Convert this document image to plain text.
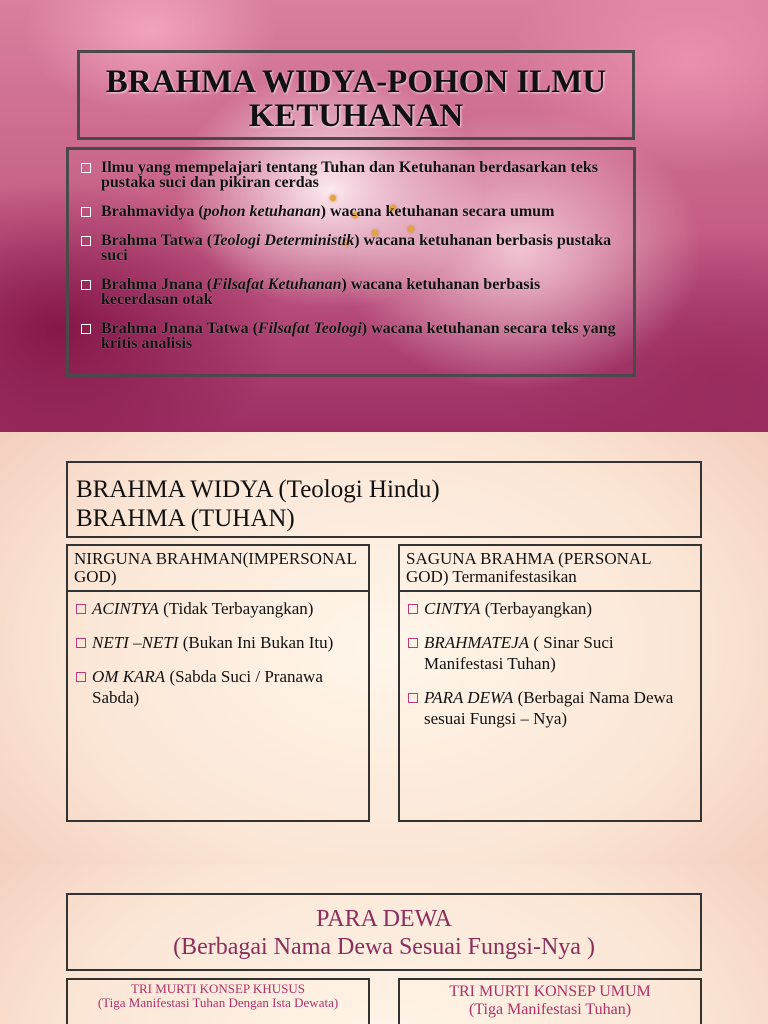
BRAHMA WIDYA-POHON ILMU KETUHANAN
Ilmu yang mempelajari tentang Tuhan dan Ketuhanan berdasarkan teks pustaka suci dan pikiran cerdas
Brahmavidya (pohon ketuhanan) wacana ketuhanan secara umum
Brahma Tatwa (Teologi Deterministik) wacana ketuhanan berbasis pustaka suci
Brahma Jnana (Filsafat Ketuhanan) wacana ketuhanan berbasis kecerdasan otak
Brahma Jnana Tatwa (Filsafat Teologi) wacana ketuhanan secara teks yang kritis analisis
BRAHMA WIDYA (Teologi Hindu)
BRAHMA (TUHAN)
NIRGUNA BRAHMAN(IMPERSONAL GOD)
ACINTYA (Tidak Terbayangkan)
NETI –NETI (Bukan Ini Bukan Itu)
OM KARA (Sabda Suci / Pranawa Sabda)
SAGUNA BRAHMA (PERSONAL GOD) Termanifestasikan
CINTYA (Terbayangkan)
BRAHMATEJA ( Sinar Suci Manifestasi Tuhan)
PARA DEWA (Berbagai Nama Dewa sesuai Fungsi – Nya)
PARA DEWA
(Berbagai Nama Dewa Sesuai Fungsi-Nya )
TRI MURTI KONSEP KHUSUS
(Tiga Manifestasi Tuhan Dengan Ista Dewata)
TRI MURTI KONSEP UMUM
(Tiga Manifestasi Tuhan)
